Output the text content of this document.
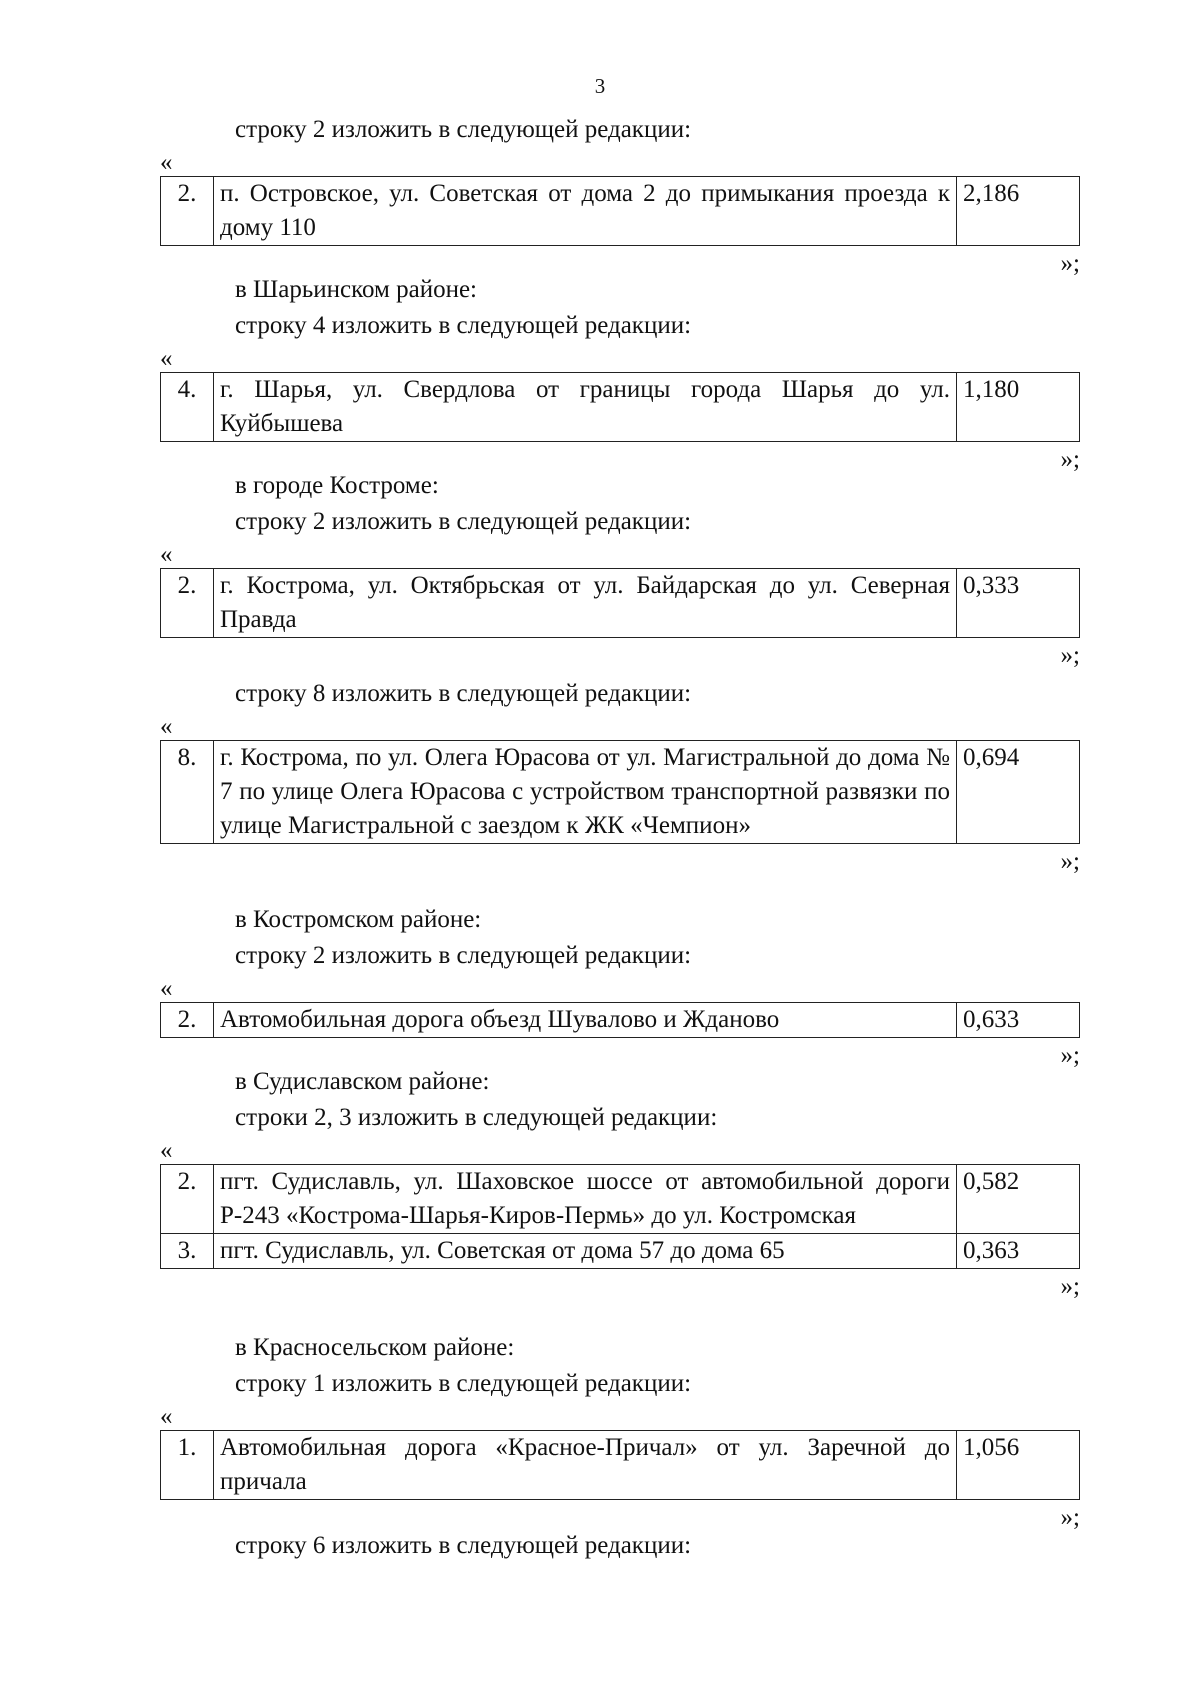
3

строку 2 изложить в следующей редакции:

«
2.	п. Островское, ул. Советская от дома 2 до примыкания проезда к дому 110	2,186
»;

в Шарьинском районе:

строку 4 изложить в следующей редакции:

«
4.	г. Шарья, ул. Свердлова от границы города Шарья до ул. Куйбышева	1,180
»;

в городе Костроме:

строку 2 изложить в следующей редакции:

«
2.	г. Кострома, ул. Октябрьская от ул. Байдарская до ул. Северная Правда	0,333
»;

строку 8 изложить в следующей редакции:

«
8.	г. Кострома, по ул. Олега Юрасова от ул. Магистральной до дома № 7 по улице Олега Юрасова с устройством транспортной развязки по улице Магистральной с заездом к ЖК «Чемпион»	0,694
»;

в Костромском районе:

строку 2 изложить в следующей редакции:

«
2.	Автомобильная дорога объезд Шувалово и Жданово	0,633
»;

в Судиславском районе:

строки 2, 3 изложить в следующей редакции:

«
2.	пгт. Судиславль, ул. Шаховское шоссе от автомобильной дороги Р-243 «Кострома-Шарья-Киров-Пермь» до ул. Костромская	0,582
3.	пгт. Судиславль, ул. Советская от дома 57 до дома 65	0,363
»;

в Красносельском районе:

строку 1 изложить в следующей редакции:

«
1.	Автомобильная дорога «Красное-Причал» от ул. Заречной до причала	1,056
»;

строку 6 изложить в следующей редакции:
